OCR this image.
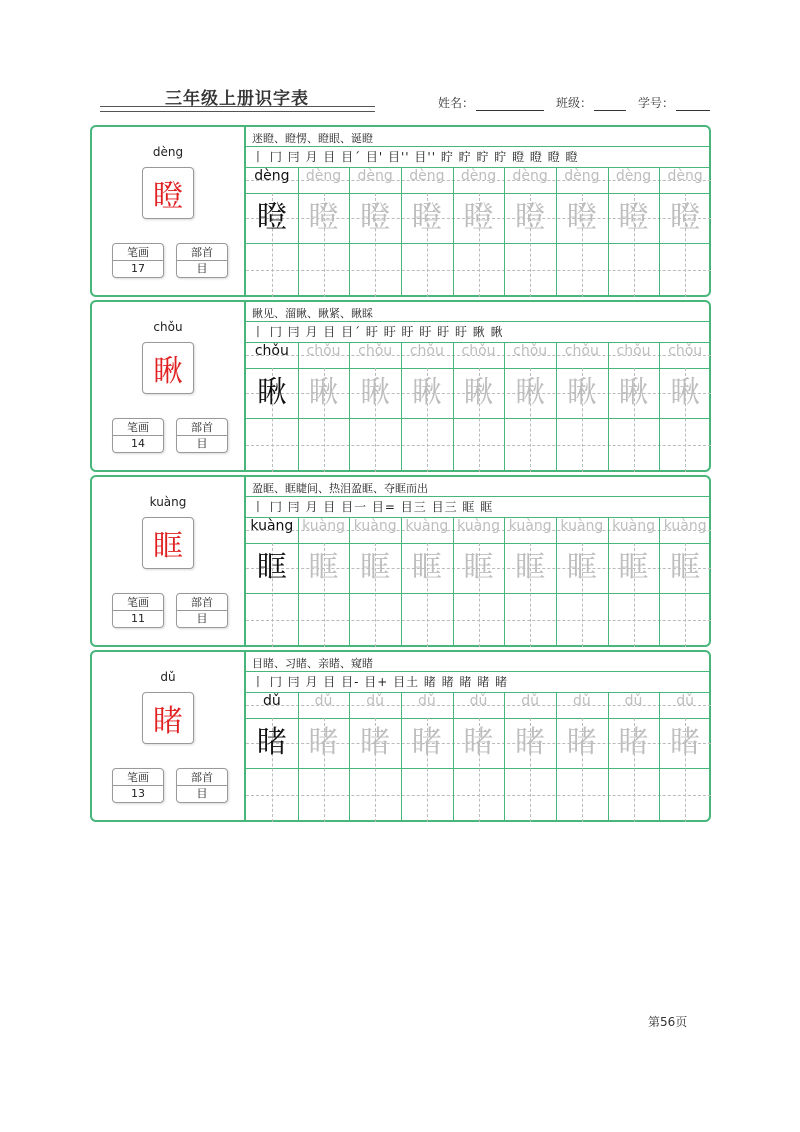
三年级上册识字表	姓名：	班级：	学号：
dèng
瞪
笔画
17
部首
目
迷瞪、瞪愣、瞪眼、诞瞪
丨 冂 冃 月 目 目´ 目' 目'' 目'' 眝 眝 眝 眝 瞪 瞪 瞪 瞪
dèng
瞪
dèng
瞪
dèng
瞪
dèng
瞪
dèng
瞪
dèng
瞪
dèng
瞪
dèng
瞪
dèng
瞪
chǒu
瞅
笔画
14
部首
目
瞅见、溜瞅、瞅紧、瞅睬
丨 冂 冃 月 目 目´ 盱 盱 盱 盱 盱 盱 瞅 瞅
chǒu
瞅
chǒu
瞅
chǒu
瞅
chǒu
瞅
chǒu
瞅
chǒu
瞅
chǒu
瞅
chǒu
瞅
chǒu
瞅
kuàng
眶
笔画
11
部首
目
盈眶、眶睫间、热泪盈眶、夺眶而出
丨 冂 冃 月 目 目一 目= 目三 目三 眶 眶
kuàng
眶
kuàng
眶
kuàng
眶
kuàng
眶
kuàng
眶
kuàng
眶
kuàng
眶
kuàng
眶
kuàng
眶
dǔ
睹
笔画
13
部首
目
目睹、习睹、亲睹、窥睹
丨 冂 冃 月 目 目- 目+ 目土 睹 睹 睹 睹 睹
dǔ
睹
dǔ
睹
dǔ
睹
dǔ
睹
dǔ
睹
dǔ
睹
dǔ
睹
dǔ
睹
dǔ
睹
第56页
